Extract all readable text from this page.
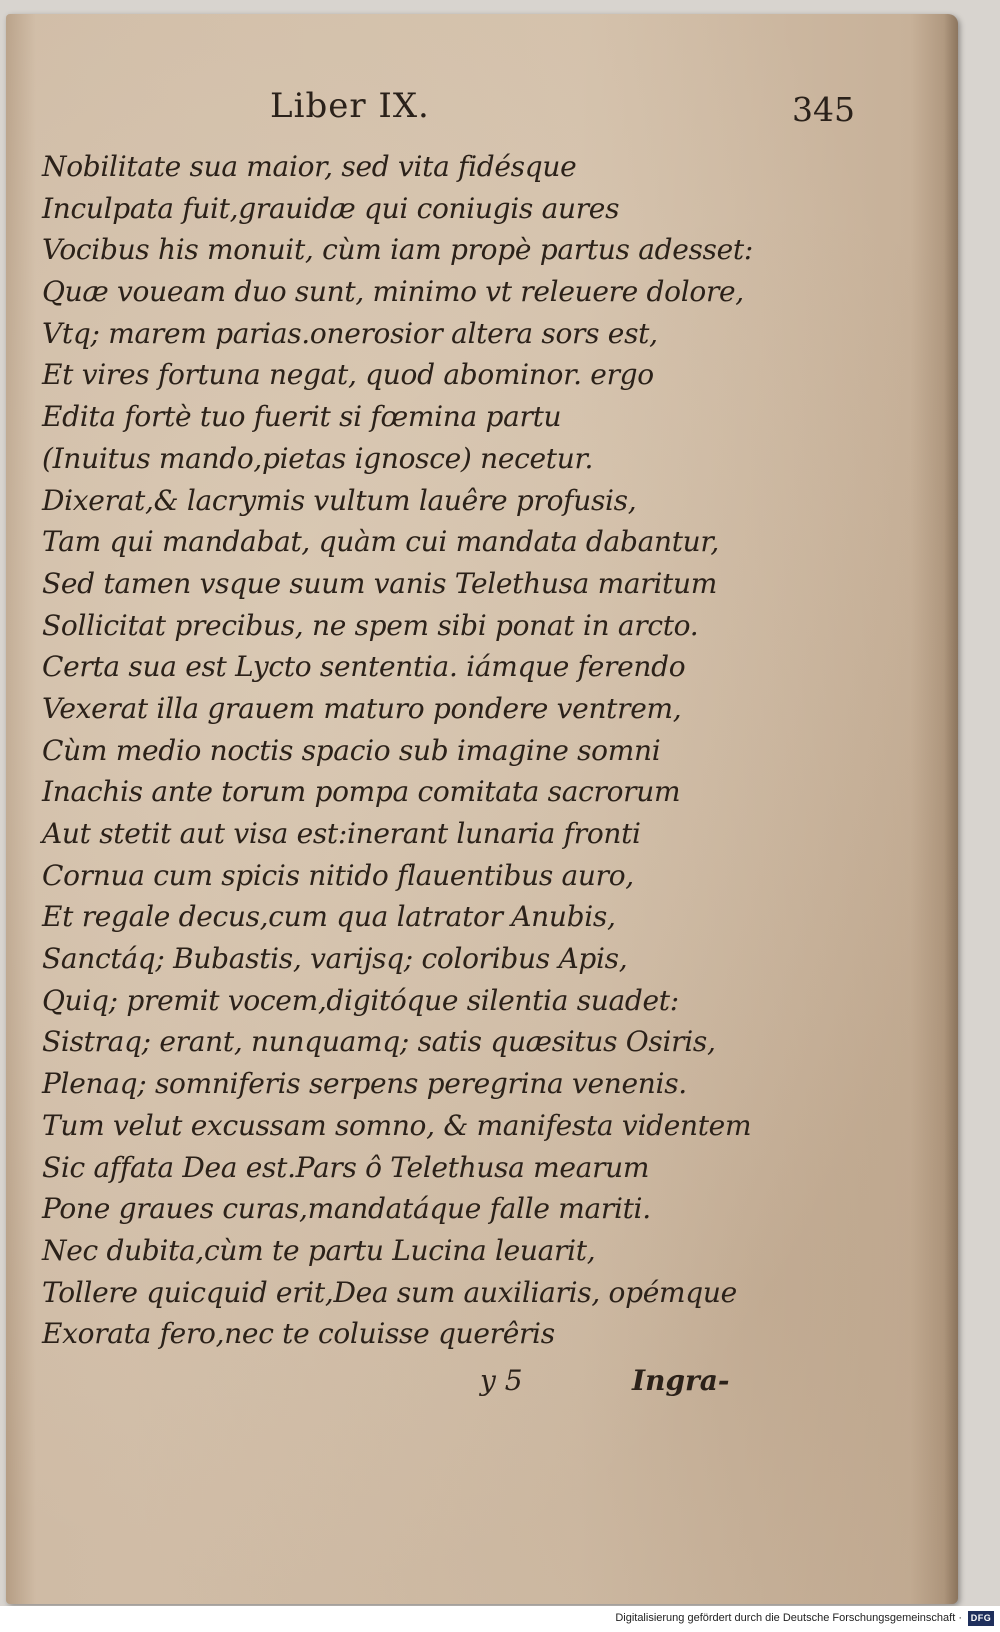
Liber IX.	345
Nobilitate sua maior, sed vita fidésque
Inculpata fuit,grauidæ qui coniugis aures
Vocibus his monuit, cùm iam propè partus adesset:
Quæ voueam duo sunt, minimo vt releuere dolore,
Vtq; marem parias.onerosior altera sors est,
Et vires fortuna negat, quod abominor. ergo
Edita fortè tuo fuerit si fœmina partu
(Inuitus mando,pietas ignosce) necetur.
Dixerat,& lacrymis vultum lauêre profusis,
Tam qui mandabat, quàm cui mandata dabantur,
Sed tamen vsque suum vanis Telethusa maritum
Sollicitat precibus, ne spem sibi ponat in arcto.
Certa sua est Lycto sententia. iámque ferendo
Vexerat illa grauem maturo pondere ventrem,
Cùm medio noctis spacio sub imagine somni
Inachis ante torum pompa comitata sacrorum
Aut stetit aut visa est:inerant lunaria fronti
Cornua cum spicis nitido flauentibus auro,
Et regale decus,cum qua latrator Anubis,
Sanctáq; Bubastis, varijsq; coloribus Apis,
Quiq; premit vocem,digitóque silentia suadet:
Sistraq; erant, nunquamq; satis quæsitus Osiris,
Plenaq; somniferis serpens peregrina venenis.
Tum velut excussam somno, & manifesta videntem
Sic affata Dea est.Pars ô Telethusa mearum
Pone graues curas,mandatáque falle mariti.
Nec dubita,cùm te partu Lucina leuarit,
Tollere quicquid erit,Dea sum auxiliaris, opémque
Exorata fero,nec te coluisse querêris
y 5	Ingra-
Digitalisierung gefördert durch die Deutsche Forschungsgemeinschaft · DFG
